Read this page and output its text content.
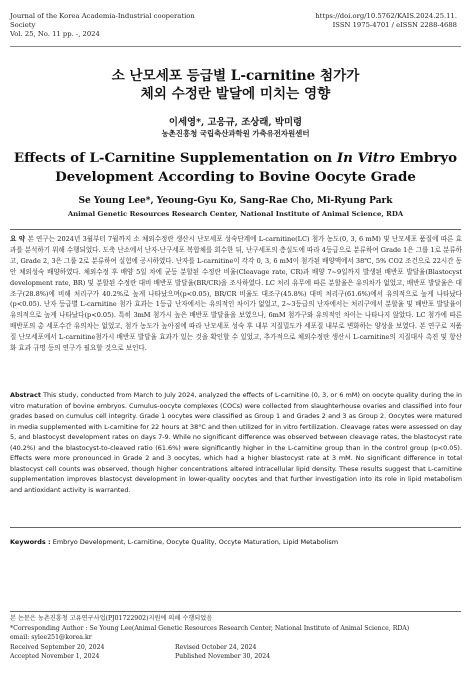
Journal of the Korea Academia-Industrial cooperation Society
Vol. 25, No. 11 pp. -, 2024
https://doi.org/10.5762/KAIS.2024.25.11.
ISSN 1975-4701 / eISSN 2288-4688
소 난모세포 등급별 L-carnitine 첨가가
체외 수정란 발달에 미치는 영향
이세영*, 고응규, 조상래, 박미령
농촌진흥청 국립축산과학원 가축유전자원센터
Effects of L-Carnitine Supplementation on In Vitro Embryo
Development According to Bovine Oocyte Grade
Se Young Lee*, Yeoung-Gyu Ko, Sang-Rae Cho, Mi-Ryung Park
Animal Genetic Resources Research Center, National Institute of Animal Science, RDA
요 약 본 연구는 2024년 3월부터 7월까지 소 체외수정란 생산시 난모세포 성숙단계에 L-carnitine(LC) 첨가 농도(0, 3, 6 mM) 및 난모세포 품질에 따른 효과를 분석하기 위해 수행되었다. 도축 난소에서 난자-난구세포 복합체를 회수한 뒤, 난구세포의 층실도에 따라 4등급으로 분류하여 Grade 1은 그룹 1로 분류하고, Grade 2, 3은 그룹 2로 분류하여 실험에 공시하였다. 난자를 L-carnitine이 각각 0, 3, 6 mM이 첨가된 배양액에서 38℃, 5% CO2 조건으로 22시간 동안 체외성숙 배양하였다. 체외수정 후 배양 5일 차에 균등 분할된 수정란 비율(Cleavage rate, CR)과 배양 7~9일까지 발생된 배반포 발달율(Blastocyst development rate, BR) 및 분할된 수정란 대비 배반포 발달율(BR/CR)을 조사하였다. LC 처리 유무에 따른 분할율은 유의차가 없었고, 배반포 발달율은 대조구(28.8%)에 비해 처리구가 40.2%로 높게 나타났으며(p<0.05), BR/CR 비율도 대조구(45.8%) 대비 처리구(61.6%)에서 유의적으로 높게 나타났다(p<0.05). 난자 등급별 L-carnitine 첨가 효과는 1등급 난자에서는 유의적인 차이가 없었고, 2~3등급의 난자에서는 처리구에서 분할율 및 배반포 발달율이 유의적으로 높게 나타났다(p<0.05). 특히 3mM 첨가시 높은 배반포 발달율을 보였으나, 6mM 첨가구와 유의적인 차이는 나타나지 않았다. LC 첨가에 따른 배반포의 총 세포수간 유의차는 없었고, 첨가 농도가 높아짐에 따라 난모세포 성숙 후 내부 지질밀도가 세포질 내부로 변화하는 양상을 보였다. 본 연구로 저품질 난모세포에서 L-carnitine첨가시 배반포 발달율 효과가 있는 것을 확인할 수 있었고, 추가적으로 체외수정란 생산시 L-carnitine의 지질대사 촉진 및 항산화 효과 규명 등의 연구가 필요할 것으로 보인다.
Abstract This study, conducted from March to July 2024, analyzed the effects of L-carnitine (0, 3, or 6 mM) on oocyte quality during the in vitro maturation of bovine embryos. Cumulus-oocyte complexes (COCs) were collected from slaughterhouse ovaries and classified into four grades based on cumulus cell integrity. Grade 1 oocytes were classified as Group 1 and Grades 2 and 3 as Group 2. Oocytes were matured in media supplemented with L-carnitine for 22 hours at 38°C and then utilized for in vitro fertilization. Cleavage rates were assessed on day 5, and blastocyst development rates on days 7-9. While no significant difference was observed between cleavage rates, the blastocyst rate (40.2%) and the blastocyst-to-cleaved ratio (61.6%) were significantly higher in the L-carnitine group than in the control group (p<0.05). Effects were more pronounced in Grade 2 and 3 oocytes, which had a higher blastocyst rate at 3 mM. No significant difference in total blastocyst cell counts was observed, though higher concentrations altered intracellular lipid density. These results suggest that L-carnitine supplementation improves blastocyst development in lower-quality oocytes and that further investigation into its role in lipid metabolism and antioxidant activity is warranted.
Keywords : Embryo Development, L-carnitine, Oocyte Quality, Occyte Maturation, Lipid Metabolism
본 논문은 농촌진흥청 고유연구사업(PJ01722902)지원에 의해 수행되었음
*Corresponding Author : Se Young Lee(Animal Genetic Resources Research Center, National Institute of Animal Science, RDA)
email: sylee251@korea.kr
Received September 20, 2024	Revised October 24, 2024
Accepted November 1, 2024	Published November 30, 2024
